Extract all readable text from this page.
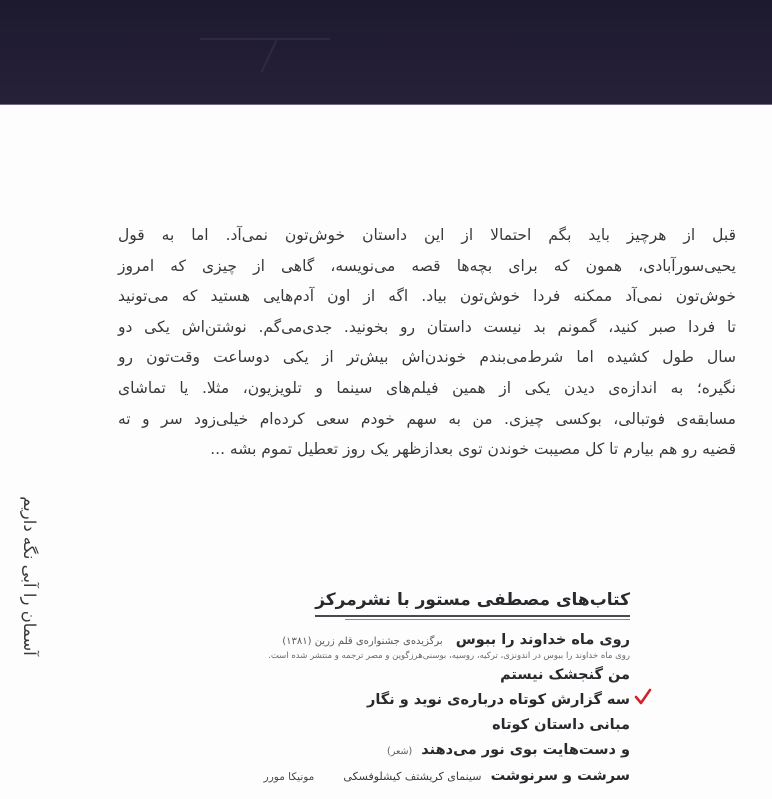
قبل از هرچیز باید بگم احتمالا از این داستان خوش‌تون نمی‌آد. اما به قول
یحیی‌سورآبادی، همون که برای بچه‌ها قصه می‌نویسه، گاهی از چیزی که امروز
خوش‌تون نمی‌آد ممکنه فردا خوش‌تون بیاد. اگه از اون آدم‌هایی هستید که می‌تونید
تا فردا صبر کنید، گمونم بد نیست داستان رو بخونید. جدی‌می‌گم. نوشتن‌اش یکی دو
سال طول کشیده اما شرط‌می‌بندم خوندن‌اش بیش‌تر از یکی دوساعت وقت‌تون رو
نگیره؛ به اندازه‌ی دیدن یکی از همین فیلم‌های سینما و تلویزیون، مثلا. یا تماشای
مسابقه‌ی فوتبالی، بوکسی چیزی. من به سهم خودم سعی کرده‌ام خیلی‌زود سر و ته
قضیه رو هم بیارم تا کل مصیبت خوندن توی بعدازظهر یک روز تعطیل تموم بشه ...
آسمان را آبی نگه داریم	کتاب‌های مصطفی مستور با نشرمرکز
روی ماه خداوند را ببوس برگزیده‌ی جشنواره‌ی قلم زرین (۱۳۸۱)
روی ماه خداوند را ببوس در اندونزی، ترکیه، روسیه، بوسنی‌هرزگوین و مصر ترجمه و منتشر شده است.
من گنجشک نیستم
سه گزارش کوتاه درباره‌ی نوید و نگار
مبانی داستان کوتاه
و دست‌هایت بوی نور می‌دهند (شعر)
سرشت و سرنوشت سینمای کریشتف کیشلوفسکی مونیکا مورر
